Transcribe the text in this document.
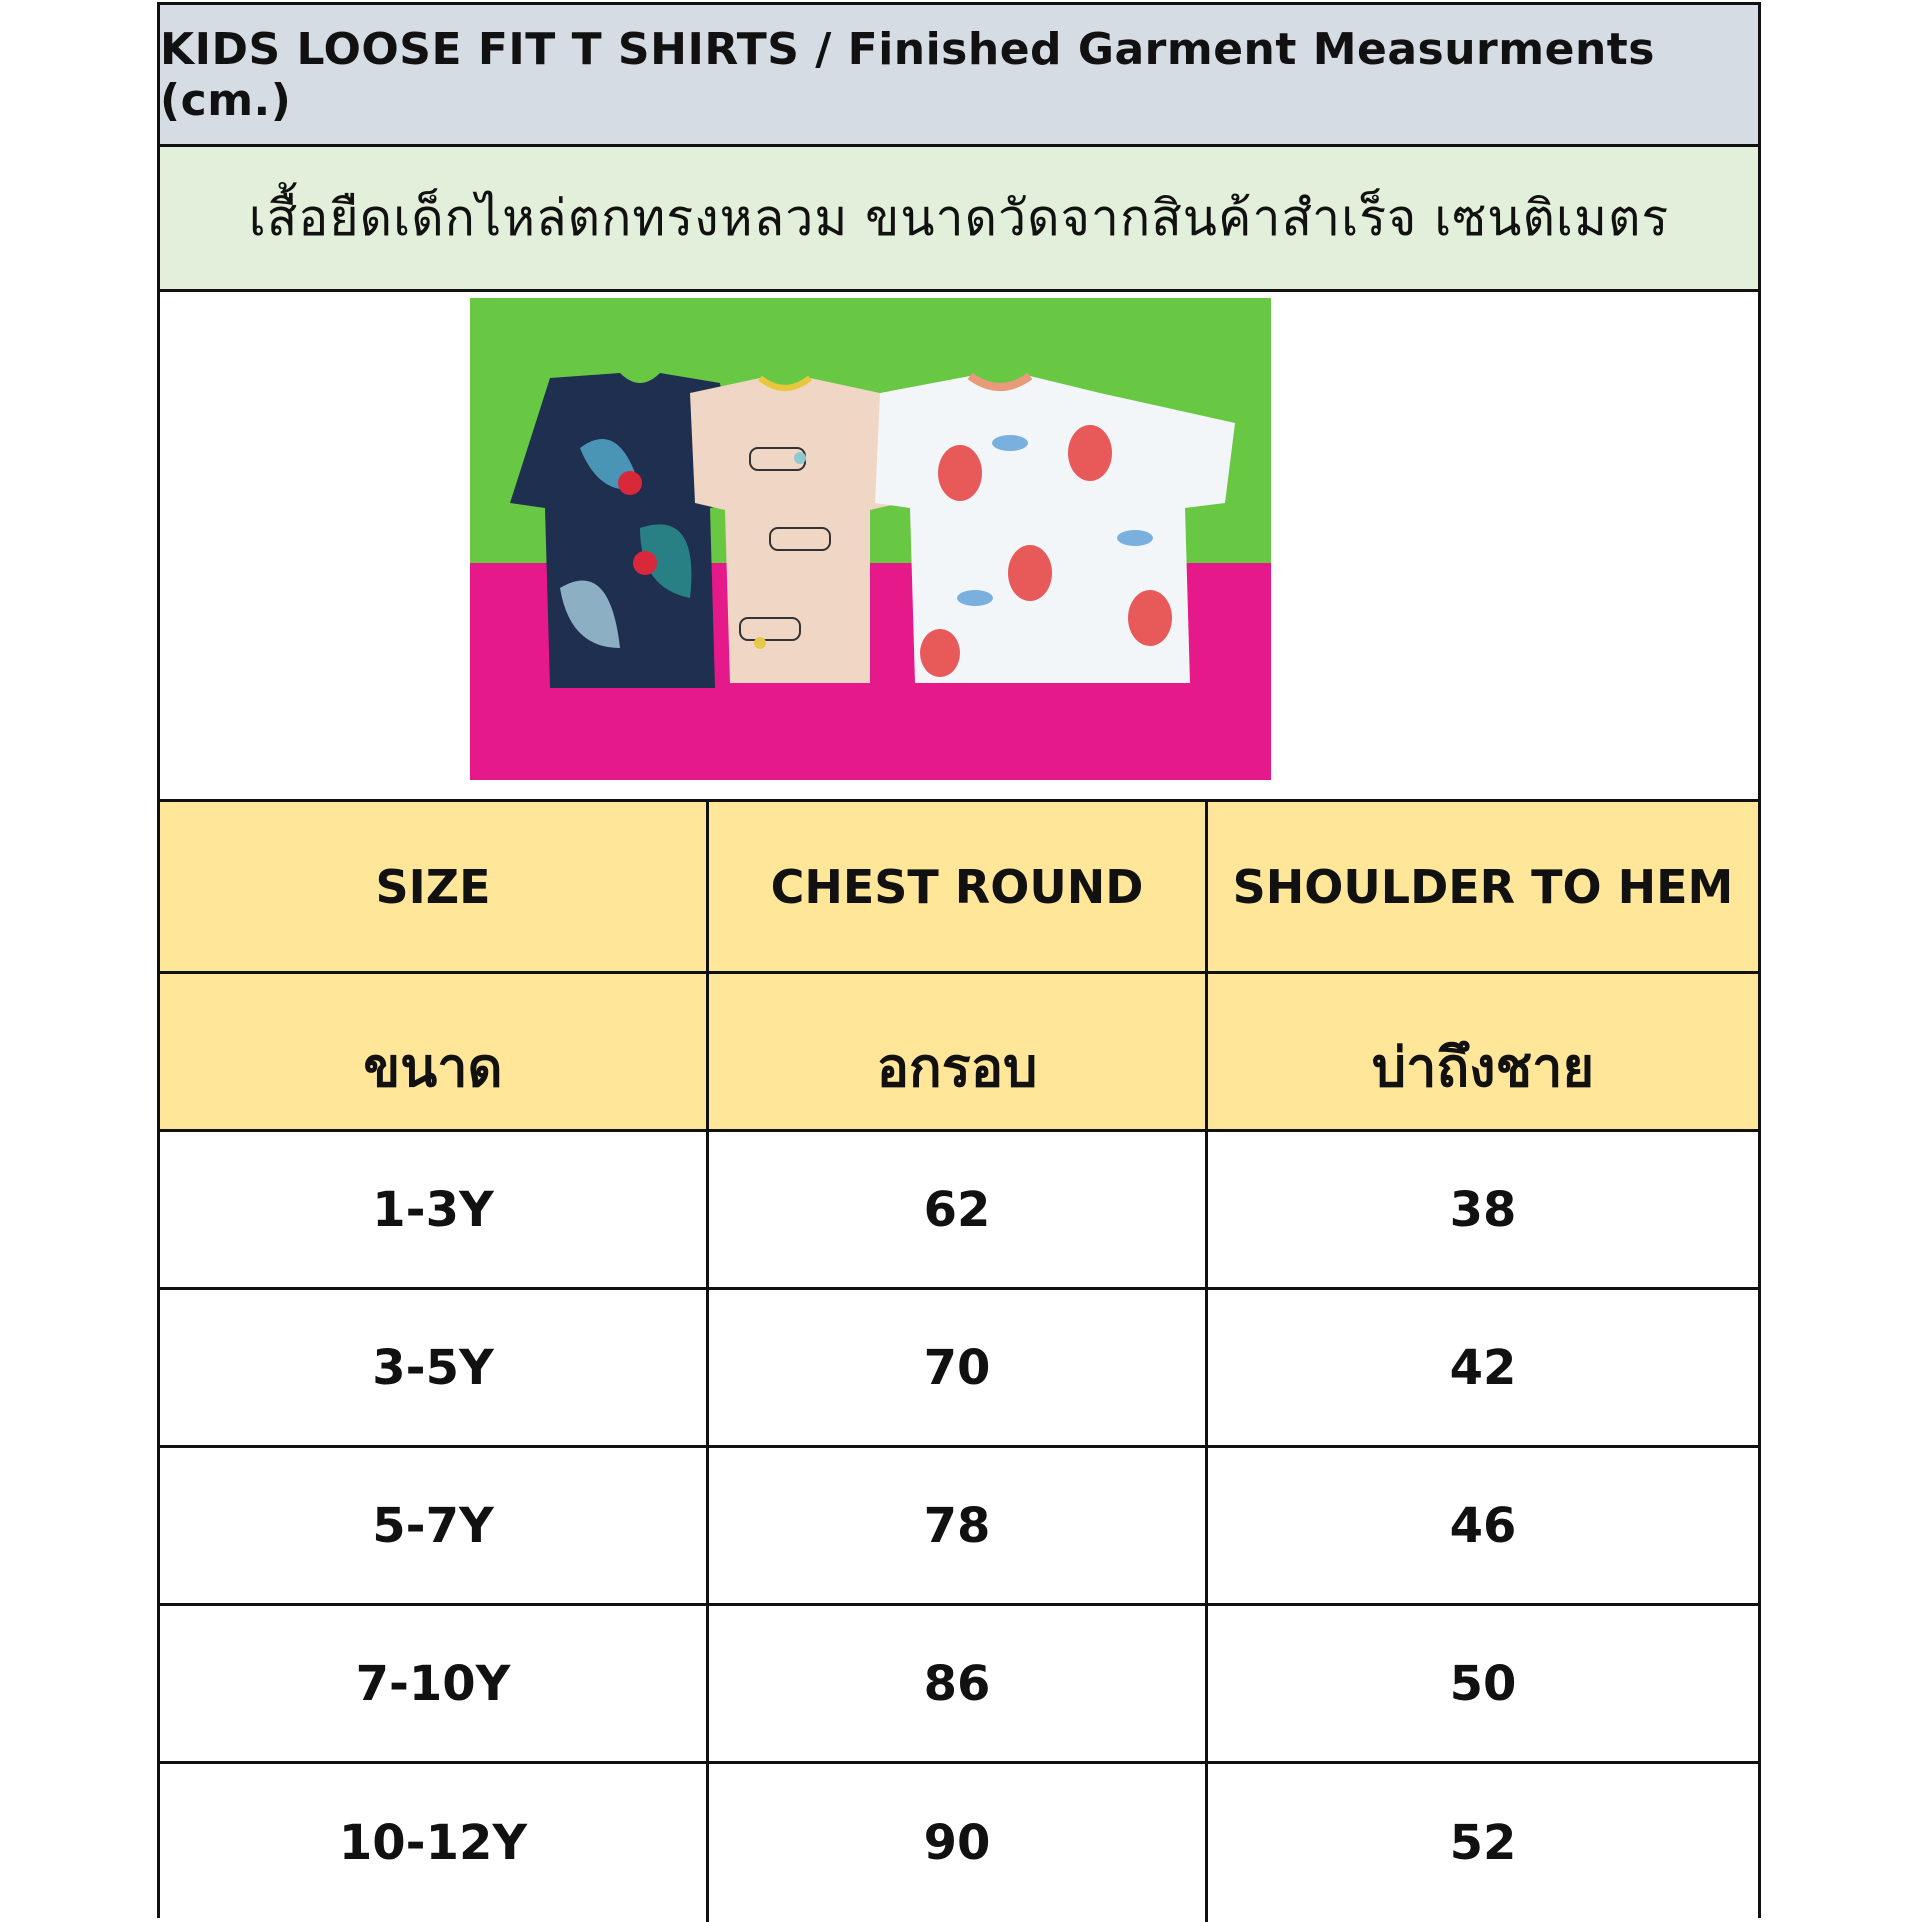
KIDS LOOSE FIT T SHIRTS / Finished Garment Measurments (cm.)
เสื้อยืดเด็กไหล่ตกทรงหลวม ขนาดวัดจากสินค้าสำเร็จ เซนติเมตร
SIZE	CHEST ROUND	SHOULDER TO HEM
ขนาด	อกรอบ	บ่าถึงชาย
1-3Y	62	38
3-5Y	70	42
5-7Y	78	46
7-10Y	86	50
10-12Y	90	52
